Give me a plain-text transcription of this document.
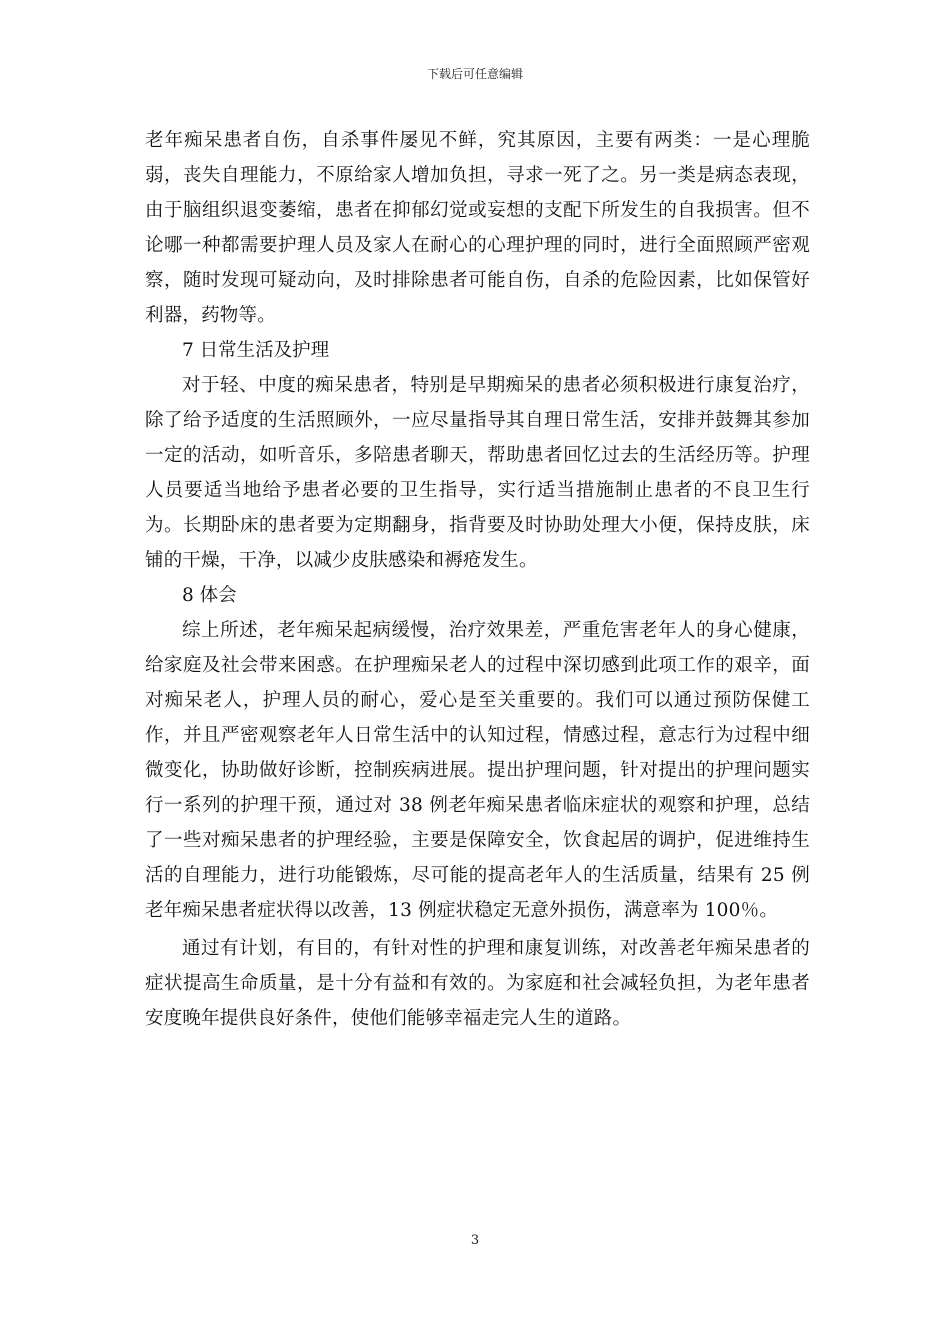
下载后可任意编辑

老年痴呆患者自伤，自杀事件屡见不鲜，究其原因，主要有两类：一是心理脆弱，丧失自理能力，不原给家人增加负担，寻求一死了之。另一类是病态表现，由于脑组织退变萎缩，患者在抑郁幻觉或妄想的支配下所发生的自我损害。但不论哪一种都需要护理人员及家人在耐心的心理护理的同时，进行全面照顾严密观察，随时发现可疑动向，及时排除患者可能自伤，自杀的危险因素，比如保管好利器，药物等。

7 日常生活及护理

对于轻、中度的痴呆患者，特别是早期痴呆的患者必须积极进行康复治疗，除了给予适度的生活照顾外，一应尽量指导其自理日常生活，安排并鼓舞其参加一定的活动，如听音乐，多陪患者聊天，帮助患者回忆过去的生活经历等。护理人员要适当地给予患者必要的卫生指导，实行适当措施制止患者的不良卫生行为。长期卧床的患者要为定期翻身，指背要及时协助处理大小便，保持皮肤，床铺的干燥，干净，以减少皮肤感染和褥疮发生。

8 体会

综上所述，老年痴呆起病缓慢，治疗效果差，严重危害老年人的身心健康，给家庭及社会带来困惑。在护理痴呆老人的过程中深切感到此项工作的艰辛，面对痴呆老人，护理人员的耐心，爱心是至关重要的。我们可以通过预防保健工作，并且严密观察老年人日常生活中的认知过程，情感过程，意志行为过程中细微变化，协助做好诊断，控制疾病进展。提出护理问题，针对提出的护理问题实行一系列的护理干预，通过对 38 例老年痴呆患者临床症状的观察和护理，总结了一些对痴呆患者的护理经验，主要是保障安全，饮食起居的调护，促进维持生活的自理能力，进行功能锻炼，尽可能的提高老年人的生活质量，结果有 25 例老年痴呆患者症状得以改善，13 例症状稳定无意外损伤，满意率为 100％。

通过有计划，有目的，有针对性的护理和康复训练，对改善老年痴呆患者的症状提高生命质量，是十分有益和有效的。为家庭和社会减轻负担，为老年患者安度晚年提供良好条件，使他们能够幸福走完人生的道路。

3
